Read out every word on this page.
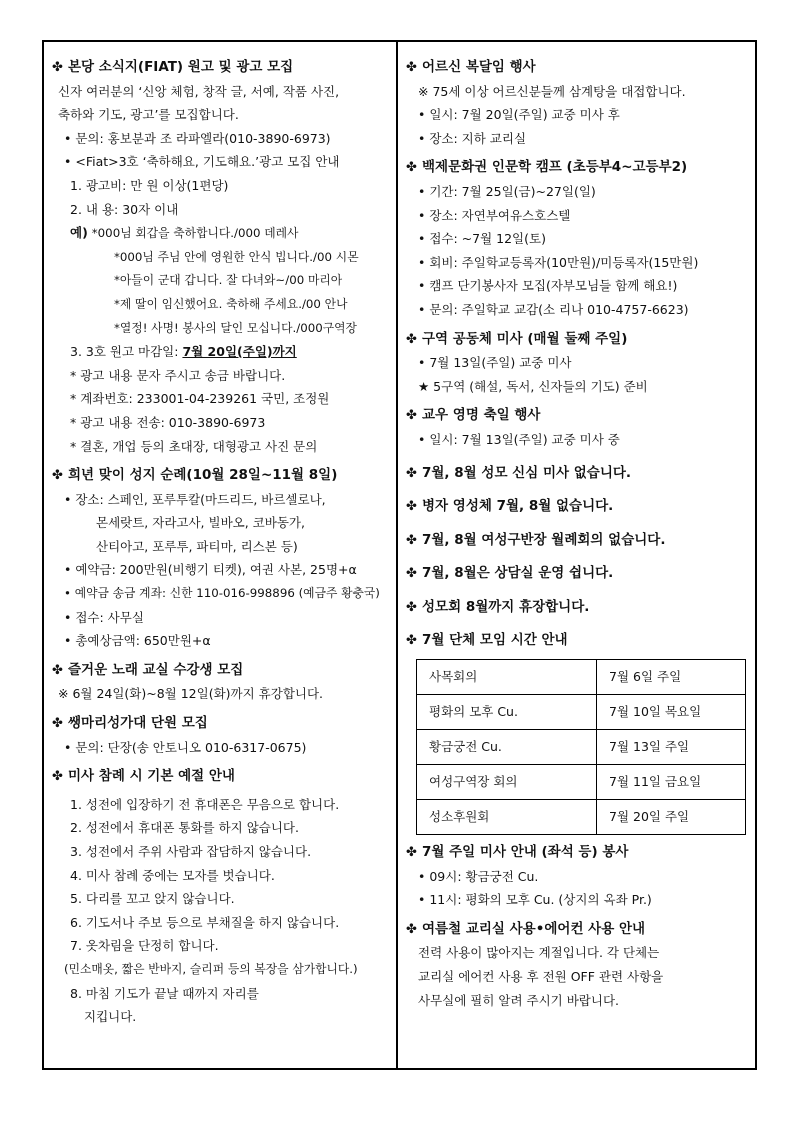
✤ 본당 소식지(FIAT) 원고 및 광고 모집
신자 여러분의 ‘신앙 체험, 창작 글, 서예, 작품 사진,
축하와 기도, 광고’를 모집합니다.
• 문의: 홍보분과 조 라파엘라(010-3890-6973)
• <Fiat>3호 ‘축하해요, 기도해요.’광고 모집 안내
1. 광고비: 만 원 이상(1편당)
2. 내 용: 30자 이내
예) *000님 회갑을 축하합니다./000 데레사
*000님 주님 안에 영원한 안식 빕니다./00 시몬
*아들이 군대 갑니다. 잘 다녀와~/00 마리아
*제 딸이 임신했어요. 축하해 주세요./00 안나
*열정! 사명! 봉사의 달인 모십니다./000구역장
3. 3호 원고 마감일: 7월 20일(주일)까지
* 광고 내용 문자 주시고 송금 바랍니다.
* 계좌번호: 233001-04-239261 국민, 조정원
* 광고 내용 전송: 010-3890-6973
* 결혼, 개업 등의 초대장, 대형광고 사진 문의
✤ 희년 맞이 성지 순례(10월 28일~11월 8일)
• 장소: 스페인, 포루투칼(마드리드, 바르셀로나,
몬세랏트, 자라고사, 빌바오, 코바동가,
산티아고, 포루투, 파티마, 리스본 등)
• 예약금: 200만원(비행기 티켓), 여권 사본, 25명+α
• 예약금 송금 계좌: 신한 110-016-998896 (예금주 황충국)
• 접수: 사무실
• 총예상금액: 650만원+α
✤ 즐거운 노래 교실 수강생 모집
※ 6월 24일(화)~8월 12일(화)까지 휴강합니다.
✤ 쌩마리성가대 단원 모집
• 문의: 단장(송 안토니오 010-6317-0675)
✤ 미사 참례 시 기본 예절 안내
1. 성전에 입장하기 전 휴대폰은 무음으로 합니다.
2. 성전에서 휴대폰 통화를 하지 않습니다.
3. 성전에서 주위 사람과 잡담하지 않습니다.
4. 미사 참례 중에는 모자를 벗습니다.
5. 다리를 꼬고 앉지 않습니다.
6. 기도서나 주보 등으로 부채질을 하지 않습니다.
7. 옷차림을 단정히 합니다.
(민소매옷, 짧은 반바지, 슬리퍼 등의 복장을 삼가합니다.)
8. 마침 기도가 끝날 때까지 자리를
지킵니다.
✤ 어르신 복달임 행사
※ 75세 이상 어르신분들께 삼계탕을 대접합니다.
• 일시: 7월 20일(주일) 교중 미사 후
• 장소: 지하 교리실
✤ 백제문화권 인문학 캠프 (초등부4~고등부2)
• 기간: 7월 25일(금)~27일(일)
• 장소: 자연부여유스호스텔
• 접수: ~7월 12일(토)
• 회비: 주일학교등록자(10만원)/미등록자(15만원)
• 캠프 단기봉사자 모집(자부모님들 함께 해요!)
• 문의: 주일학교 교감(소 리나 010-4757-6623)
✤ 구역 공동체 미사 (매월 둘째 주일)
• 7월 13일(주일) 교중 미사
★ 5구역 (해설, 독서, 신자들의 기도) 준비
✤ 교우 영명 축일 행사
• 일시: 7월 13일(주일) 교중 미사 중
✤ 7월, 8월 성모 신심 미사 없습니다.
✤ 병자 영성체 7월, 8월 없습니다.
✤ 7월, 8월 여성구반장 월례회의 없습니다.
✤ 7월, 8월은 상담실 운영 쉽니다.
✤ 성모회 8월까지 휴장합니다.
✤ 7월 단체 모임 시간 안내
사목회의	7월 6일 주일
평화의 모후 Cu.	7월 10일 목요일
황금궁전 Cu.	7월 13일 주일
여성구역장 회의	7월 11일 금요일
성소후원회	7월 20일 주일
✤ 7월 주일 미사 안내 (좌석 등) 봉사
• 09시: 황금궁전 Cu.
• 11시: 평화의 모후 Cu. (상지의 옥좌 Pr.)
✤ 여름철 교리실 사용•에어컨 사용 안내
전력 사용이 많아지는 계절입니다. 각 단체는
교리실 에어컨 사용 후 전원 OFF 관련 사항을
사무실에 필히 알려 주시기 바랍니다.
